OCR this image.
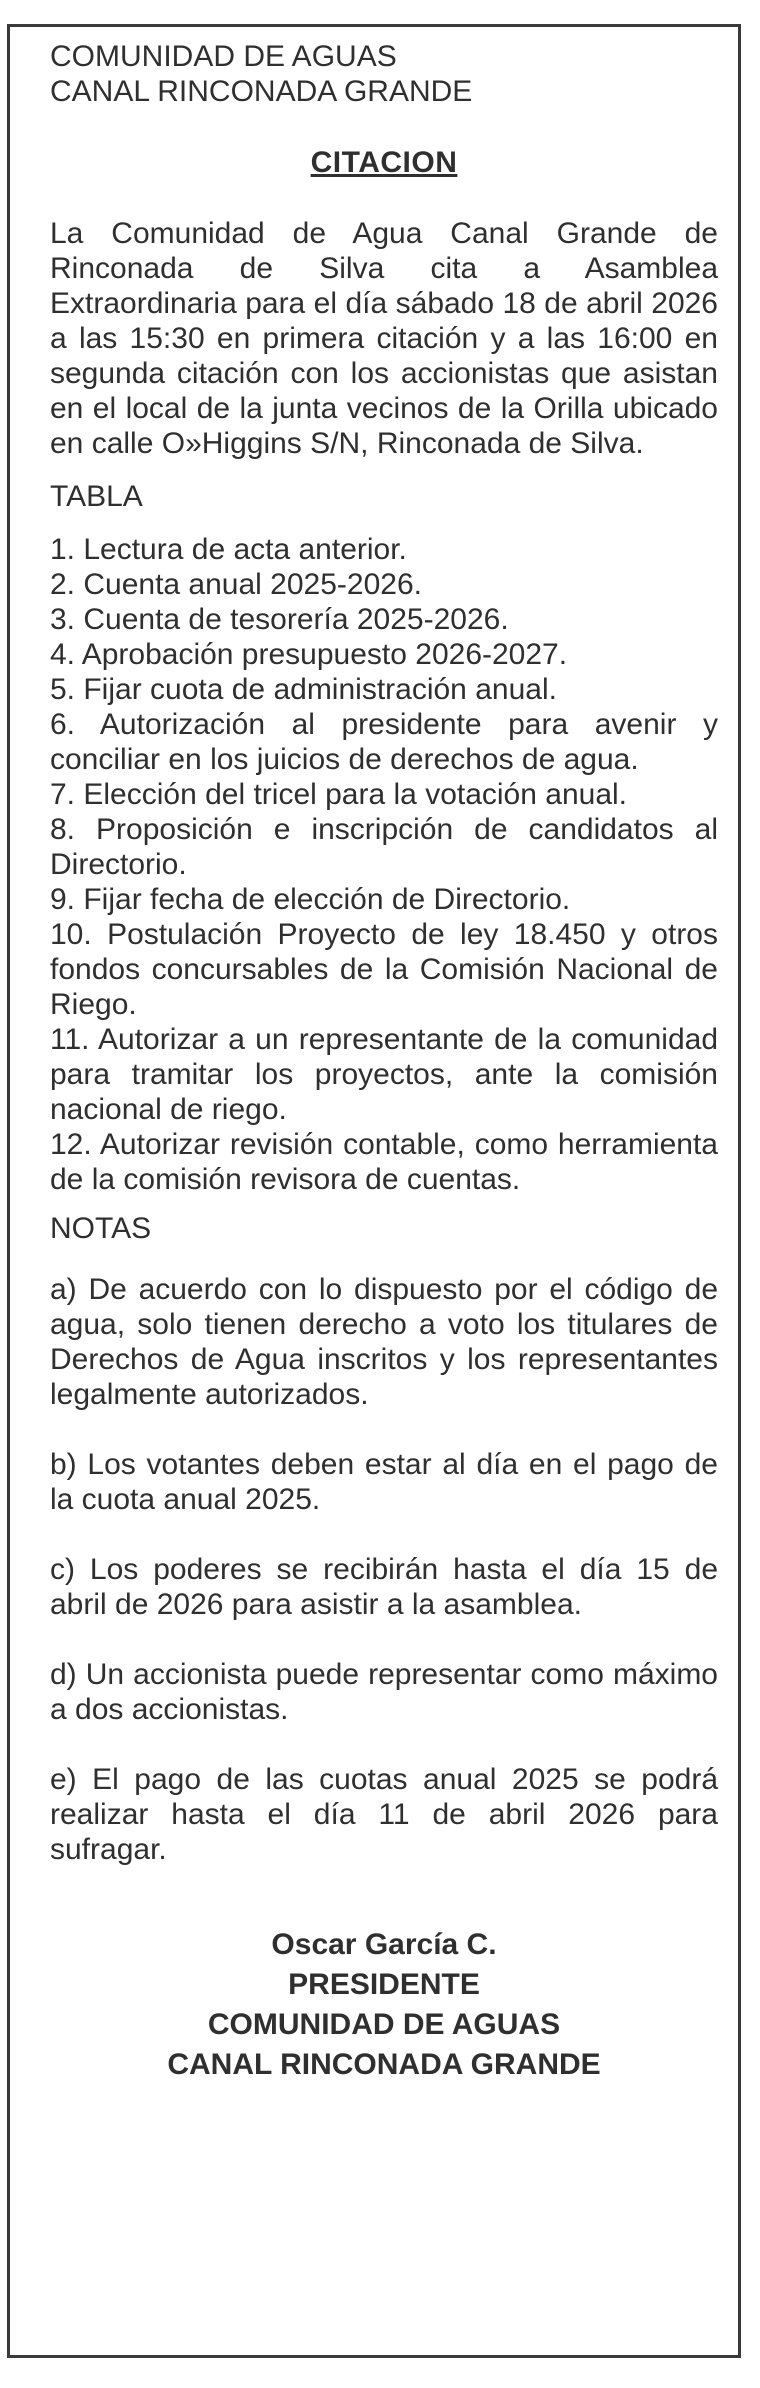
COMUNIDAD DE AGUAS

CANAL RINCONADA GRANDE

CITACION

La Comunidad de Agua Canal Grande de Rinconada de Silva cita a Asamblea Extraordinaria para el día sábado 18 de abril 2026 a las 15:30 en primera citación y a las 16:00 en segunda citación con los accionistas que asistan en el local de la junta vecinos de la Orilla ubicado en calle O»Higgins S/N, Rinconada de Silva.

TABLA

1. Lectura de acta anterior.
2. Cuenta anual 2025-2026.
3. Cuenta de tesorería 2025-2026.
4. Aprobación presupuesto 2026-2027.
5. Fijar cuota de administración anual.
6. Autorización al presidente para avenir y conciliar en los juicios de derechos de agua.
7. Elección del tricel para la votación anual.
8. Proposición e inscripción de candidatos al Directorio.
9. Fijar fecha de elección de Directorio.
10. Postulación Proyecto de ley 18.450 y otros fondos concursables de la Comisión Nacional de Riego.
11. Autorizar a un representante de la comunidad para tramitar los proyectos, ante la comisión nacional de riego.
12. Autorizar revisión contable, como herramienta de la comisión revisora de cuentas.

NOTAS

a) De acuerdo con lo dispuesto por el código de agua, solo tienen derecho a voto los titulares de Derechos de Agua inscritos y los representantes legalmente autorizados.

b) Los votantes deben estar al día en el pago de la cuota anual 2025.

c) Los poderes se recibirán hasta el día 15 de abril de 2026 para asistir a la asamblea.

d) Un accionista puede representar como máximo a dos accionistas.

e) El pago de las cuotas anual 2025 se podrá realizar hasta el día 11 de abril 2026 para sufragar.

Oscar García C.

PRESIDENTE

COMUNIDAD DE AGUAS

CANAL RINCONADA GRANDE
